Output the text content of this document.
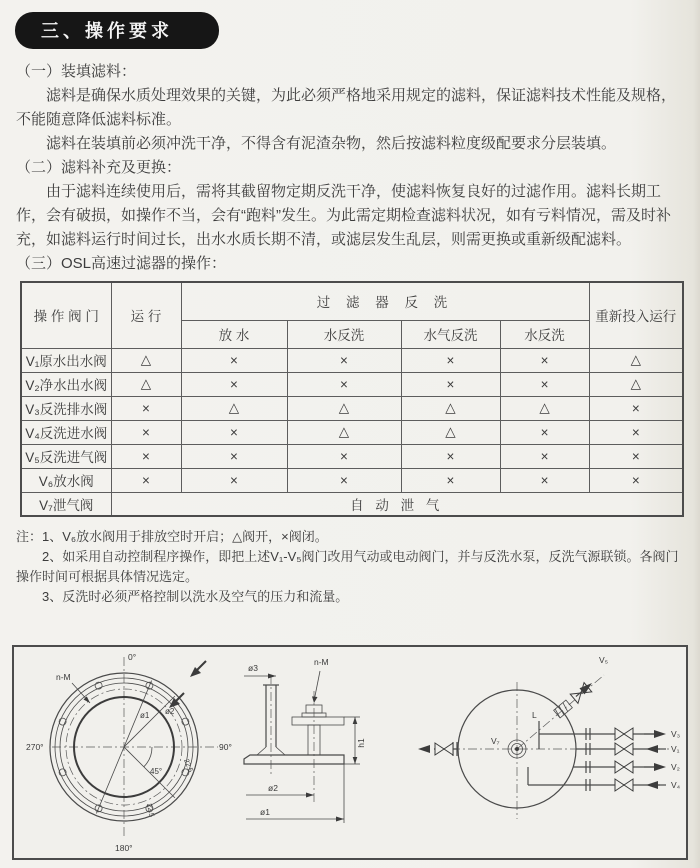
三、操作要求

（一）装填滤料：

滤料是确保水质处理效果的关键，为此必须严格地采用规定的滤料，保证滤料技术性能及规格，不能随意降低滤料标准。

滤料在装填前必须冲洗干净，不得含有泥渣杂物，然后按滤料粒度级配要求分层装填。

（二）滤料补充及更换：

由于滤料连续使用后，需将其截留物定期反洗干净，使滤料恢复良好的过滤作用。滤料长期工作，会有破损，如操作不当，会有“跑料”发生。为此需定期检查滤料状况，如有亏料情况，需及时补充，如滤料运行时间过长，出水水质长期不清，或滤层发生乱层，则需更换或重新级配滤料。

（三）OSL高速过滤器的操作：

操 作 阀 门	运 行	过 滤 器 反 洗				重新投入运行
		放 水	水反洗	水气反洗	水反洗	
V₁原水出水阀	△	×	×	×	×	△
V₂净水出水阀	△	×	×	×	×	△
V₃反洗排水阀	×	△	△	△	△	×
V₄反洗进水阀	×	×	△	△	×	×
V₅反洗进气阀	×	×	×	×	×	×
V₆放水阀	×	×	×	×	×	×
V₇泄气阀	自 动 泄 气					

注：1、V₆放水阀用于排放空时开启；△阀开，×阀闭。

2、如采用自动控制程序操作，即把上述V₁-V₅阀门改用气动或电动阀门，并与反洗水泵，反洗气源联锁。各阀门操作时间可根据具体情况选定。

3、反洗时必须严格控制以洗水及空气的压力和流量。

0°
90°
180°
270°
n-M
ø1 ø2
45°	22.5
22.5
ø3
n-M
h1
ø2
ø1
V₅
V₇
L
V₃
V₁
V₂
V₄
